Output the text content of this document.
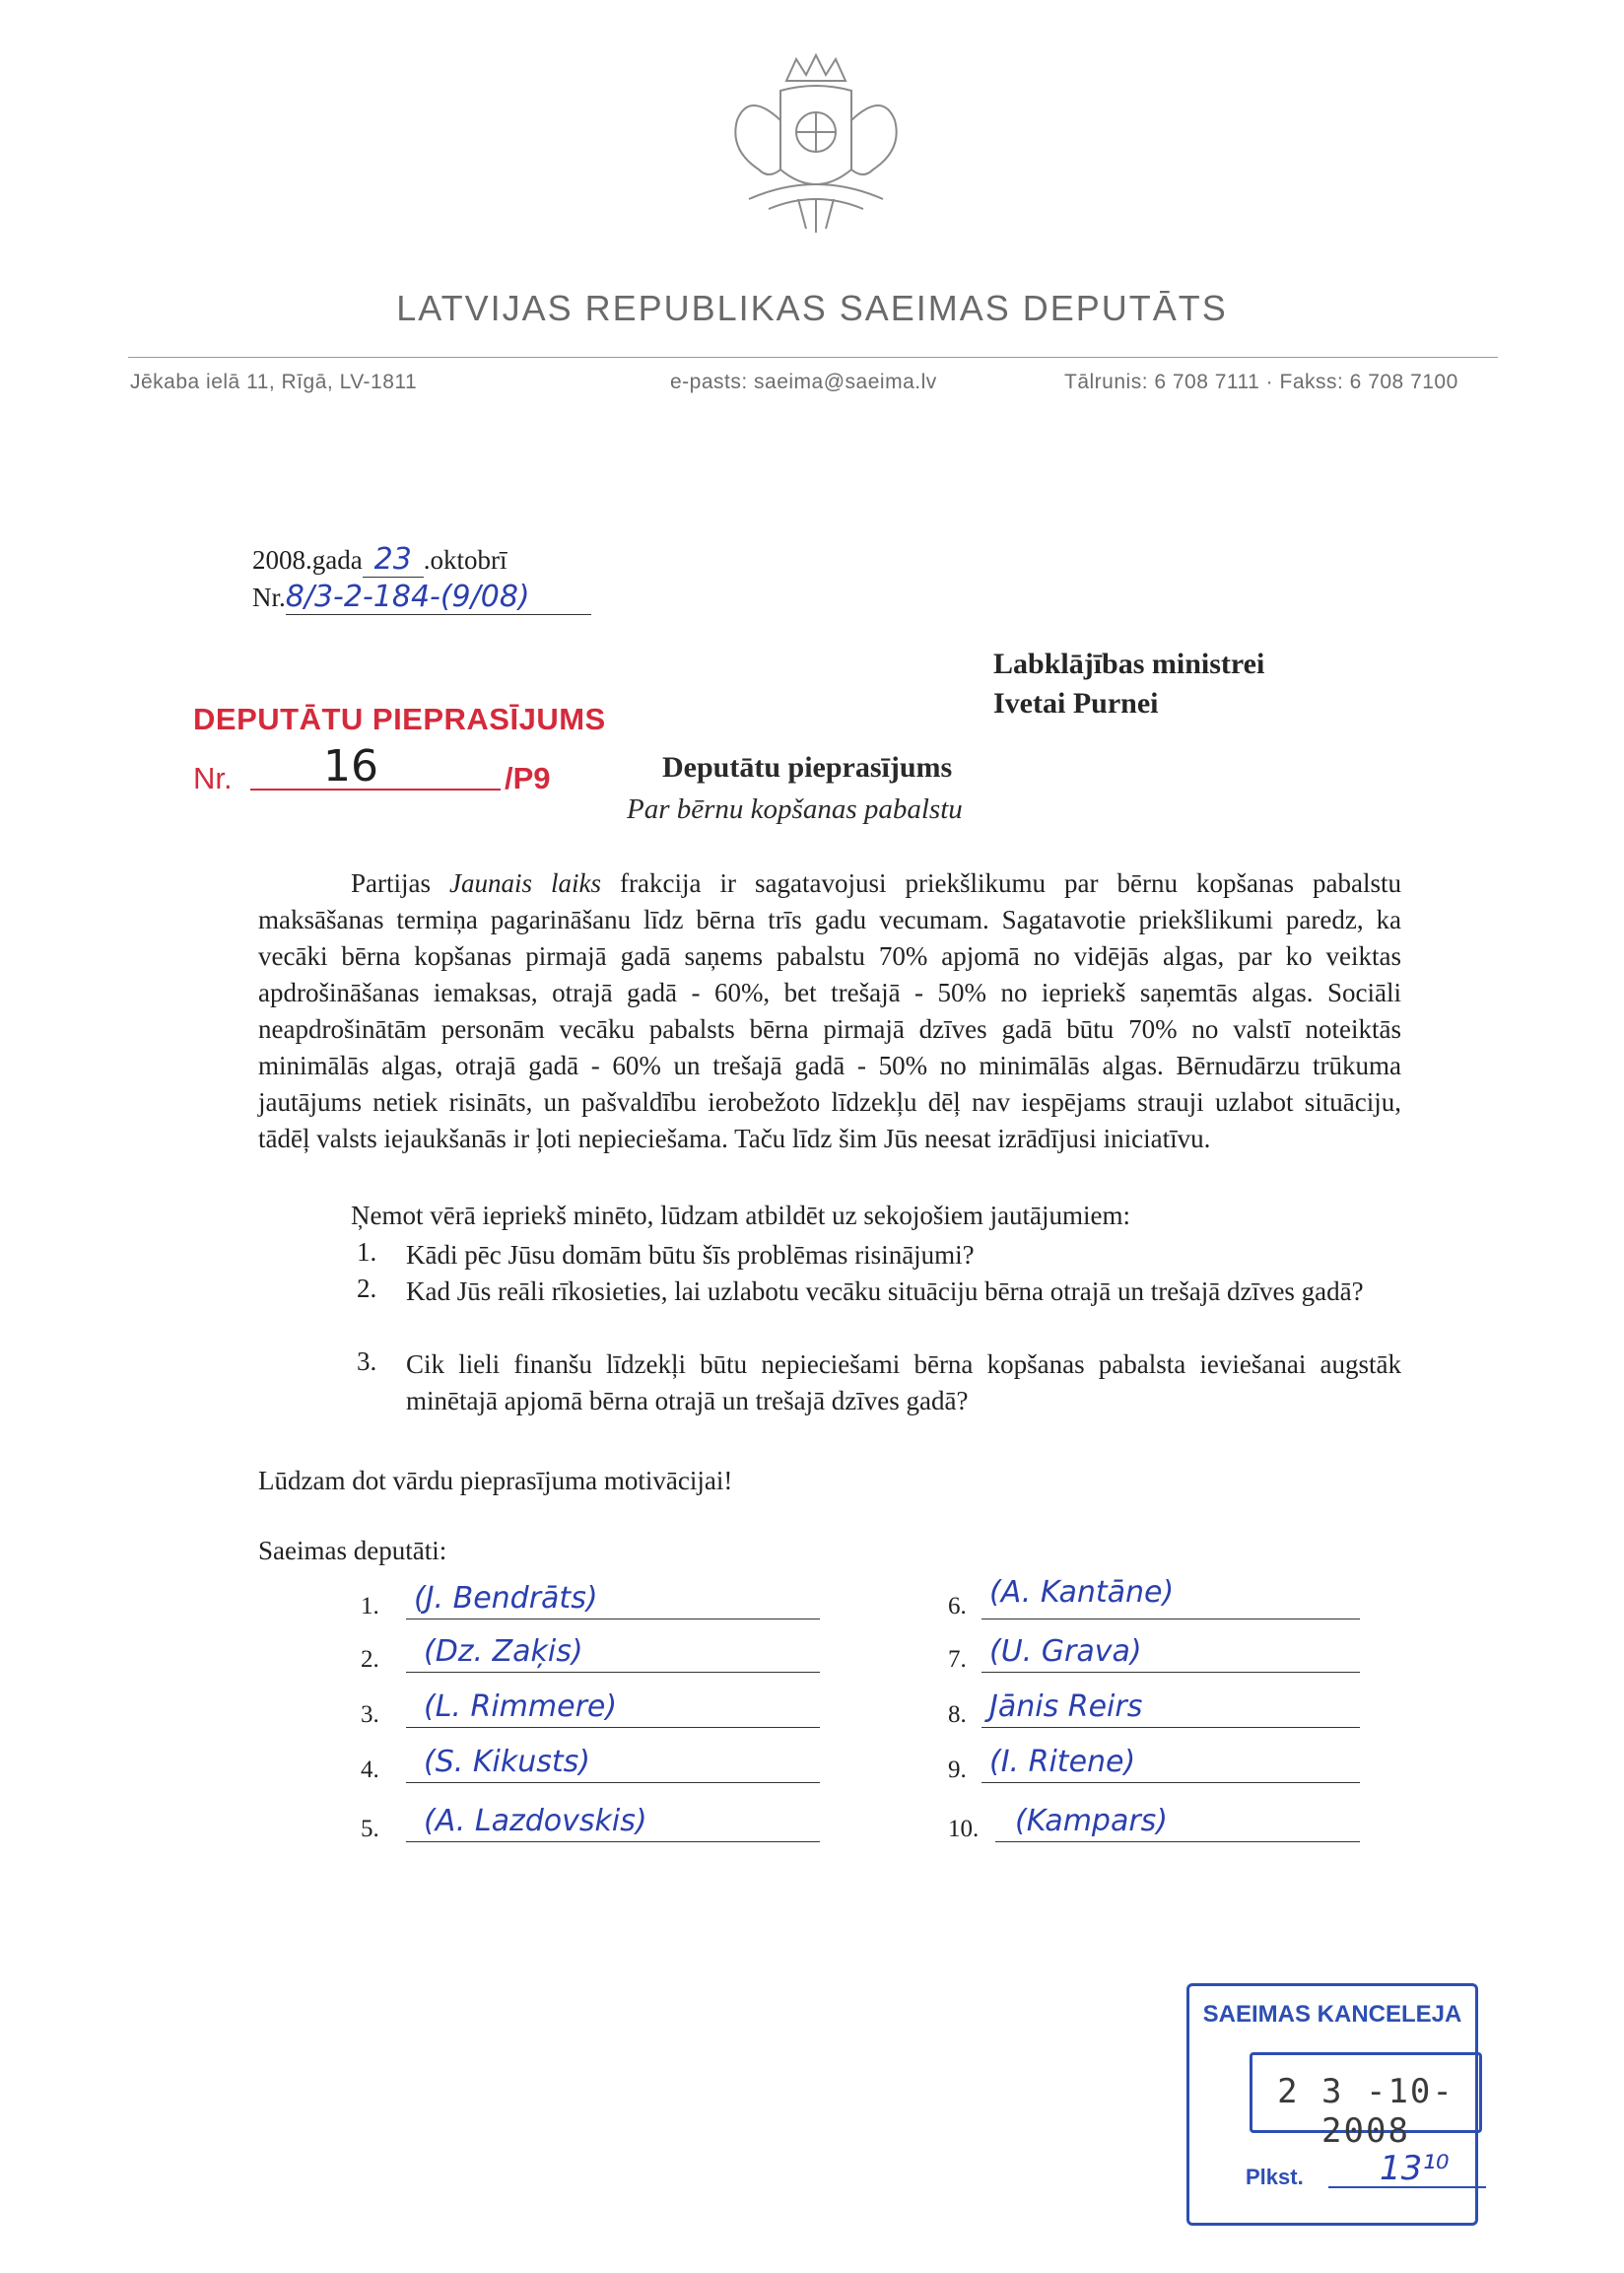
LATVIJAS REPUBLIKAS SAEIMAS DEPUTĀTS
Jēkaba ielā 11, Rīgā, LV-1811	e-pasts: saeima@saeima.lv	Tālrunis: 6 708 7111 · Fakss: 6 708 7100
2008.gada 23 .oktobrī
Nr.8/3-2-184-(9/08)
Labklājības ministrei
Ivetai Purnei
DEPUTĀTU PIEPRASĪJUMS
Nr. 16	/P9	Deputātu pieprasījums
Par bērnu kopšanas pabalstu
Partijas Jaunais laiks frakcija ir sagatavojusi priekšlikumu par bērnu kopšanas pabalstu maksāšanas termiņa pagarināšanu līdz bērna trīs gadu vecumam. Sagatavotie priekšlikumi paredz, ka vecāki bērna kopšanas pirmajā gadā saņems pabalstu 70% apjomā no vidējās algas, par ko veiktas apdrošināšanas iemaksas, otrajā gadā - 60%, bet trešajā - 50% no iepriekš saņemtās algas. Sociāli neapdrošinātām personām vecāku pabalsts bērna pirmajā dzīves gadā būtu 70% no valstī noteiktās minimālās algas, otrajā gadā - 60% un trešajā gadā - 50% no minimālās algas. Bērnudārzu trūkuma jautājums netiek risināts, un pašvaldību ierobežoto līdzekļu dēļ nav iespējams strauji uzlabot situāciju, tādēļ valsts iejaukšanās ir ļoti nepieciešama. Taču līdz šim Jūs neesat izrādījusi iniciatīvu.
Ņemot vērā iepriekš minēto, lūdzam atbildēt uz sekojošiem jautājumiem:
1. Kādi pēc Jūsu domām būtu šīs problēmas risinājumi?
2. Kad Jūs reāli rīkosieties, lai uzlabotu vecāku situāciju bērna otrajā un trešajā dzīves gadā?
3. Cik lieli finanšu līdzekļi būtu nepieciešami bērna kopšanas pabalsta ieviešanai augstāk minētajā apjomā bērna otrajā un trešajā dzīves gadā?
Lūdzam dot vārdu pieprasījuma motivācijai!
Saeimas deputāti:
1. (J. Bendrāts)
2. (Dz. Zaķis)
3. (L. Rimmere)
4. (S. Kikusts)
5. (A. Lazdovskis)
6. (A. Kantāne)
7. (U. Grava)
8. Jānis Reirs
9. (I. Ritene)
10. (Kampars)
SAEIMAS KANCELEJA
2 3 -10- 2008
Plkst. 13¹⁰
